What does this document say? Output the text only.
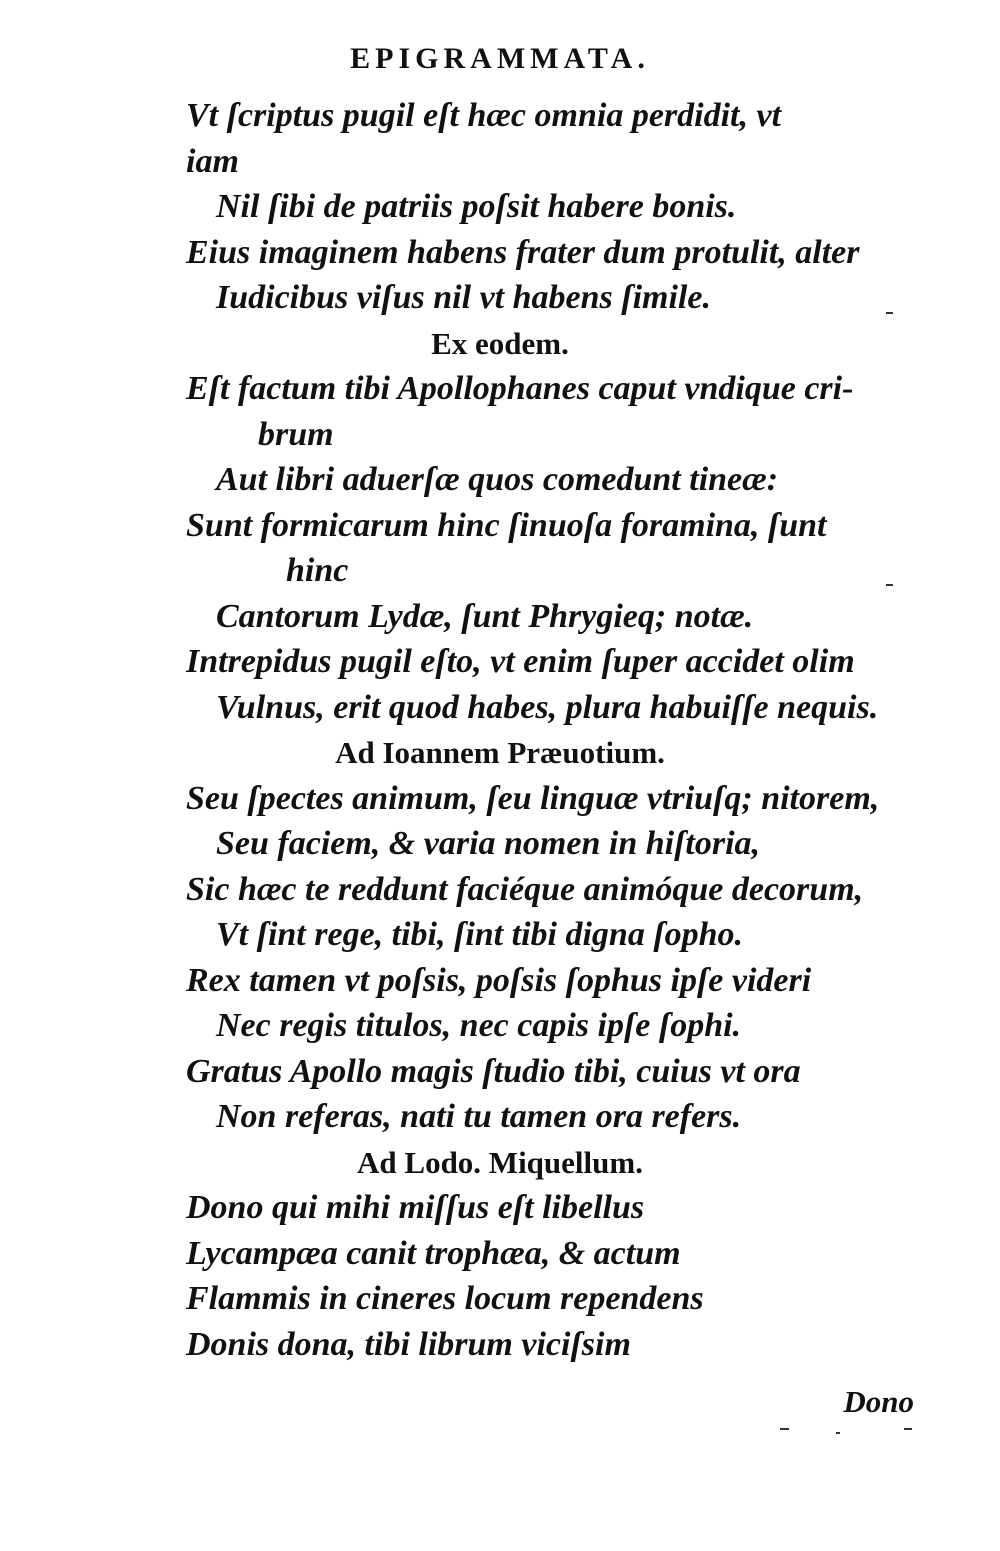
EPIGRAMMATA.
Vt ſcriptus pugil eſt hæc omnia perdidit, vt
iam
Nil ſibi de patriis poſsit habere bonis.
Eius imaginem habens frater dum protulit, alter
Iudicibus viſus nil vt habens ſimile.
Ex eodem.
Eſt factum tibi Apollophanes caput vndique cri-
brum
Aut libri aduerſæ quos comedunt tineæ:
Sunt formicarum hinc ſinuoſa foramina, ſunt
hinc
Cantorum Lydæ, ſunt Phrygieq; notæ.
Intrepidus pugil eſto, vt enim ſuper accidet olim
Vulnus, erit quod habes, plura habuiſſe nequis.
Ad Ioannem Præuotium.
Seu ſpectes animum, ſeu linguæ vtriuſq; nitorem,
Seu faciem, & varia nomen in hiſtoria,
Sic hæc te reddunt faciéque animóque decorum,
Vt ſint rege, tibi, ſint tibi digna ſopho.
Rex tamen vt poſsis, poſsis ſophus ipſe videri
Nec regis titulos, nec capis ipſe ſophi.
Gratus Apollo magis ſtudio tibi, cuius vt ora
Non referas, nati tu tamen ora refers.
Ad Lodo. Miquellum.
Dono qui mihi miſſus eſt libellus
Lycampæa canit trophæa, & actum
Flammis in cineres locum rependens
Donis dona, tibi librum viciſsim
Dono
